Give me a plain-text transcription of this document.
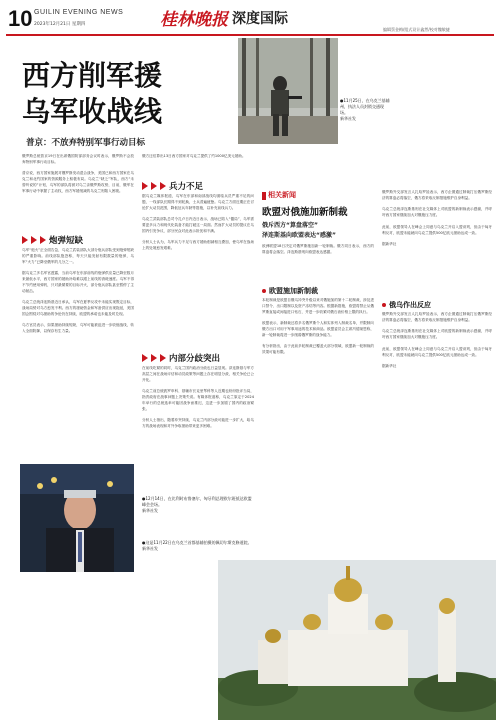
10 GUILIN EVENING NEWS
2023年12月21日 星期四	桂林晚报 深度国际
编辑蔡金梅/组式设计鑫然/校对魏敏捷
西方削军援
乌军收战线
普京：不放弃特别军事行动目标
●11月25日，在乌克兰基辅州，执法人员封锁交通现场。
新华社发
俄罗斯总统普京19日在出席俄国防部部务会议时表示，俄罗斯不会放弃特别军事行动目标。

普京说，西方国家施展对俄罗斯发动混合战争，美国已和西方国家在乌克兰和北约国家的资源服务上积极布局。乌克兰“缺乏”军队，西方“未曾听说的”计划，乌军的部队将被对乌兰亲俄罗斯攻势，目前，俄军在军事行动中掌握了主动权，西方军援削减的乌克兰则陷入困境。
炮弹短缺
乌军“炮火”正全面告急，乌克兰武装部队大部分炮兵部队受到炮弹短缺的严重影响。前线部队抱怨称，每天只能发射有限数量的炮弹，乌军“火力”已降至俄军的几分之一。

据乌克兰多名军官透露，当前乌军在东部前线的炮弹供应量已降至数月来最低水平，西方国家的援助补给难以跟上前线的消耗速度。乌军不得不节约使用弹药，只对最紧要的目标开火，部分炮兵部队甚至暂停了主动射击。

乌克兰总统泽连斯基近日承认，乌军在夏季反攻中未能实现既定目标，战场局势对乌方愈发不利。西方的援助资金和军备供应出现拖延，美国国会围绕对乌援助的争论仍在持续，欧盟的承诺也未能及时兑现。

乌方官员表示，如果援助持续短缺，乌军可能被迫进一步收缩战线，转入全面防御，以保存有生力量。
俄方还估算出13日西方国家对乌克兰提供了约1000亿美元援助。
兵力不足
据乌克兰媒体报道，乌军在东部和南部战线均面临兵员严重不足的问题，一线部队长期得不到轮换，士兵普遍疲惫。乌克兰方面近期正在讨论扩大动员范围，降低征兵年龄等措施，以补充前线兵力。

乌克兰武装部队总司令扎卢日内近日表示，战场已陷入“僵局”，乌军需要更多兵力和现代化装备才能打破这一局面。然而扩大动员的提议在乌国内引发争议，部分民众对此表示担忧和不满。

分析人士认为，乌军兵力不足与西方援助削减相互叠加，使乌军在战场上的处境愈发艰难。
内部分歧突出
在前线吃紧的同时，乌克兰国内政治分歧也日益显现。泽连斯基与军方高层之间在战场评估和动员政策等问题上存在明显分歧，相关争论已公开化。

乌克兰前总统波罗申科、基辅市长克里琴科等人近期也纷纷批评当局，指责政府在战事问题上决策失误。有媒体报道称，乌克兰原定于2024年举行的总统选举可能因战争而推迟，这进一步加剧了国内的政治紧张。

分析人士指出，随着冲突持续，乌克兰内部分歧可能进一步扩大，给乌方的战场表现和对外争取援助带来更多困难。
●12月14日，在比利时布鲁塞尔，匈牙利总理欧尔班抵达欧盟峰会会场。
新华社发
●这是11月22日在乌克兰首都基辅拍摄的佩切尔斯克修道院。
新华社发
相关新闻
欧盟对俄施加新制裁
俄斥西方“算盘落空”
泽连斯基向欧盟表达“感激”
欧洲联盟18日决定对俄罗斯施加新一轮制裁。俄方同日表示，西方的算盘将会落空。泽连斯基则向欧盟表达感激。
欧盟施加新制裁
本轮制裁是欧盟自俄乌冲突升级以来对俄施加的第十二轮制裁，涉及进口禁令、出口限制以及资产冻结等内容。根据新措施，欧盟将禁止从俄罗斯直接或间接进口钻石，并进一步收紧对俄石油价格上限的执行。

欧盟表示，新制裁还将多名俄罗斯个人和实体列入制裁名单，并限制向俄方出口可用于军事用途的技术和商品。欧盟委员会主席冯德莱恩称，新一轮制裁将进一步削弱俄罗斯的战争能力。

有分析指出，由于此前多轮制裁已覆盖大部分领域，欧盟新一轮制裁的效果可能有限。
俄罗斯外交部发言人扎哈罗娃表示，西方企图通过制裁打压俄罗斯经济的算盘必将落空，俄方将采取反制措施维护自身利益。

乌克兰总统泽连斯基则在社交媒体上对欧盟的新制裁表示感谢，并呼吁西方国家继续加大对俄施压力度。

此前，欧盟领导人在峰会上同意与乌克兰开启入盟谈判，但由于匈牙利反对，欧盟未能就向乌克兰提供500亿欧元援助达成一致。

据新华社
俄乌作出反应
俄罗斯外交部发言人扎哈罗娃表示，西方企图通过制裁打压俄罗斯经济的算盘必将落空，俄方将采取反制措施维护自身利益。

乌克兰总统泽连斯基则在社交媒体上对欧盟的新制裁表示感谢，并呼吁西方国家继续加大对俄施压力度。

此前，欧盟领导人在峰会上同意与乌克兰开启入盟谈判，但由于匈牙利反对，欧盟未能就向乌克兰提供500亿欧元援助达成一致。

据新华社
